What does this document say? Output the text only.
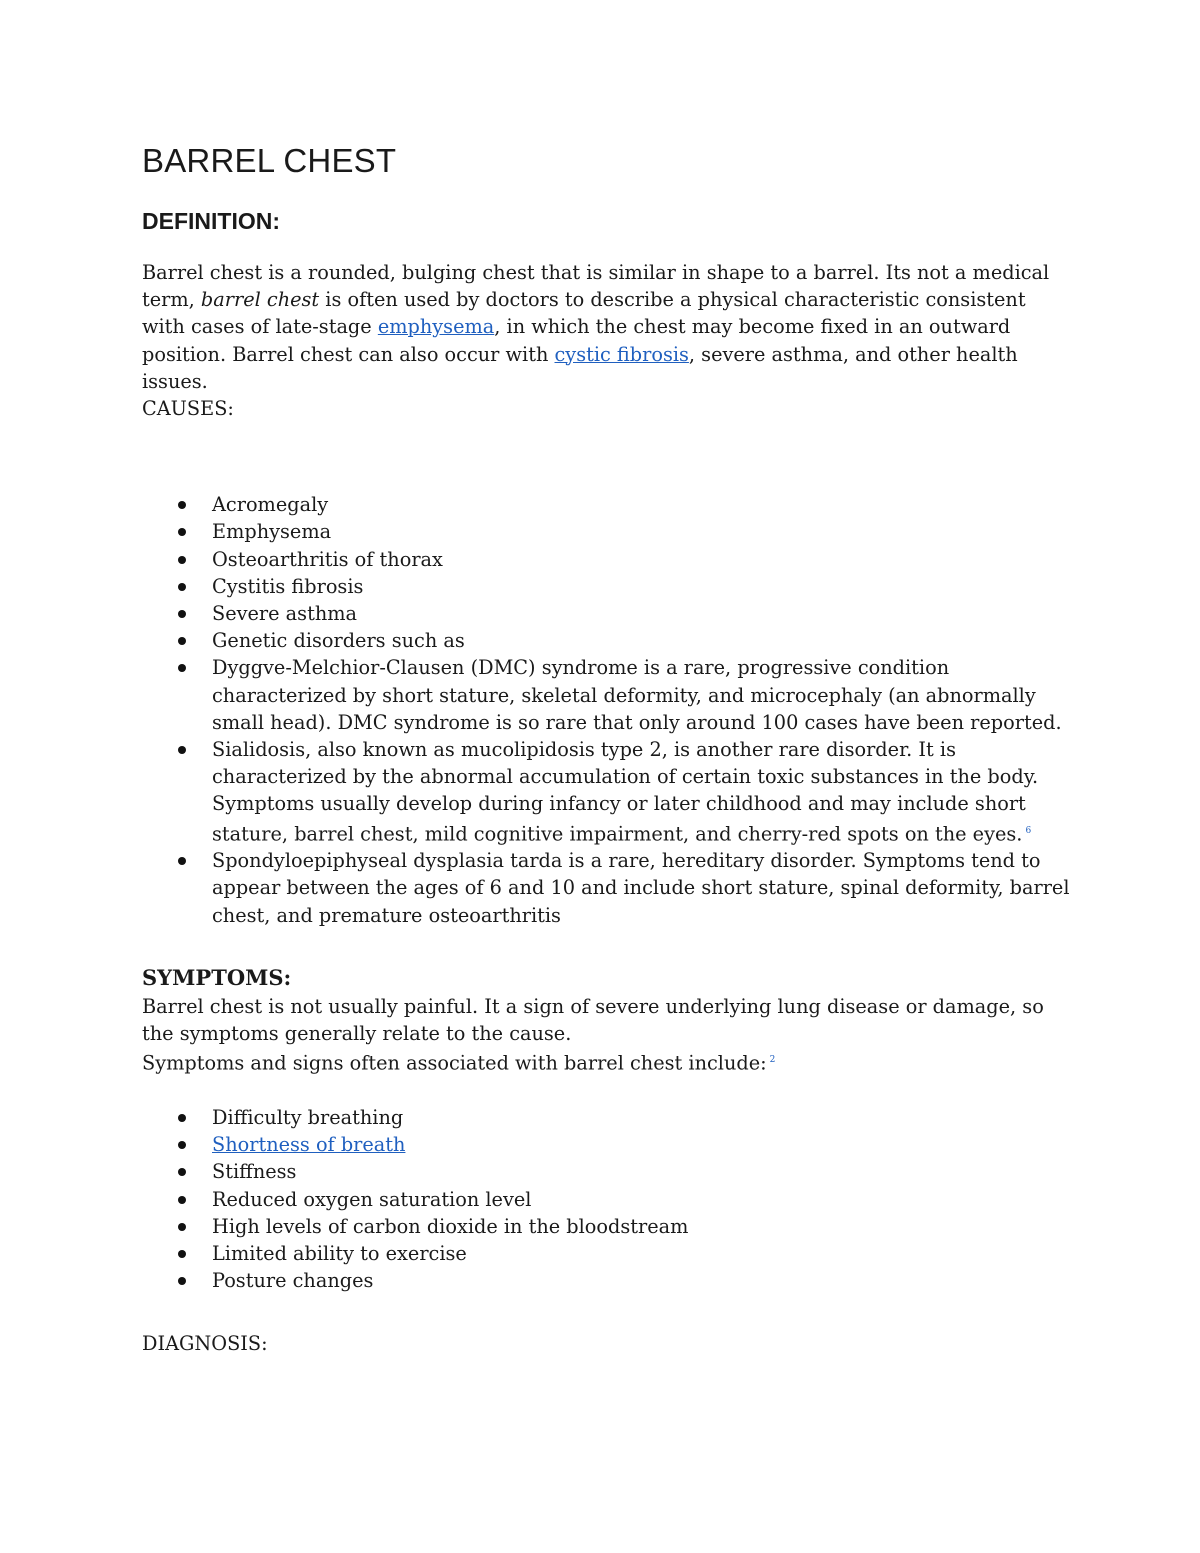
BARREL CHEST
DEFINITION:

Barrel chest is a rounded, bulging chest that is similar in shape to a barrel. Its not a medical term, barrel chest is often used by doctors to describe a physical characteristic consistent with cases of late-stage emphysema, in which the chest may become fixed in an outward position. Barrel chest can also occur with cystic fibrosis, severe asthma, and other health issues.

CAUSES:

Acromegaly
Emphysema
Osteoarthritis of thorax
Cystitis fibrosis
Severe asthma
Genetic disorders such as
Dyggve-Melchior-Clausen (DMC) syndrome is a rare, progressive condition characterized by short stature, skeletal deformity, and microcephaly (an abnormally small head). DMC syndrome is so rare that only around 100 cases have been reported.
Sialidosis, also known as mucolipidosis type 2, is another rare disorder. It is characterized by the abnormal accumulation of certain toxic substances in the body. Symptoms usually develop during infancy or later childhood and may include short stature, barrel chest, mild cognitive impairment, and cherry-red spots on the eyes. $^6$
Spondyloepiphyseal dysplasia tarda is a rare, hereditary disorder. Symptoms tend to appear between the ages of 6 and 10 and include short stature, spinal deformity, barrel chest, and premature osteoarthritis
SYMPTOMS:

Barrel chest is not usually painful. It a sign of severe underlying lung disease or damage, so the symptoms generally relate to the cause.

Symptoms and signs often associated with barrel chest include: $^2$

Difficulty breathing
Shortness of breath
Stiffness
Reduced oxygen saturation level
High levels of carbon dioxide in the bloodstream
Limited ability to exercise
Posture changes

DIAGNOSIS:
